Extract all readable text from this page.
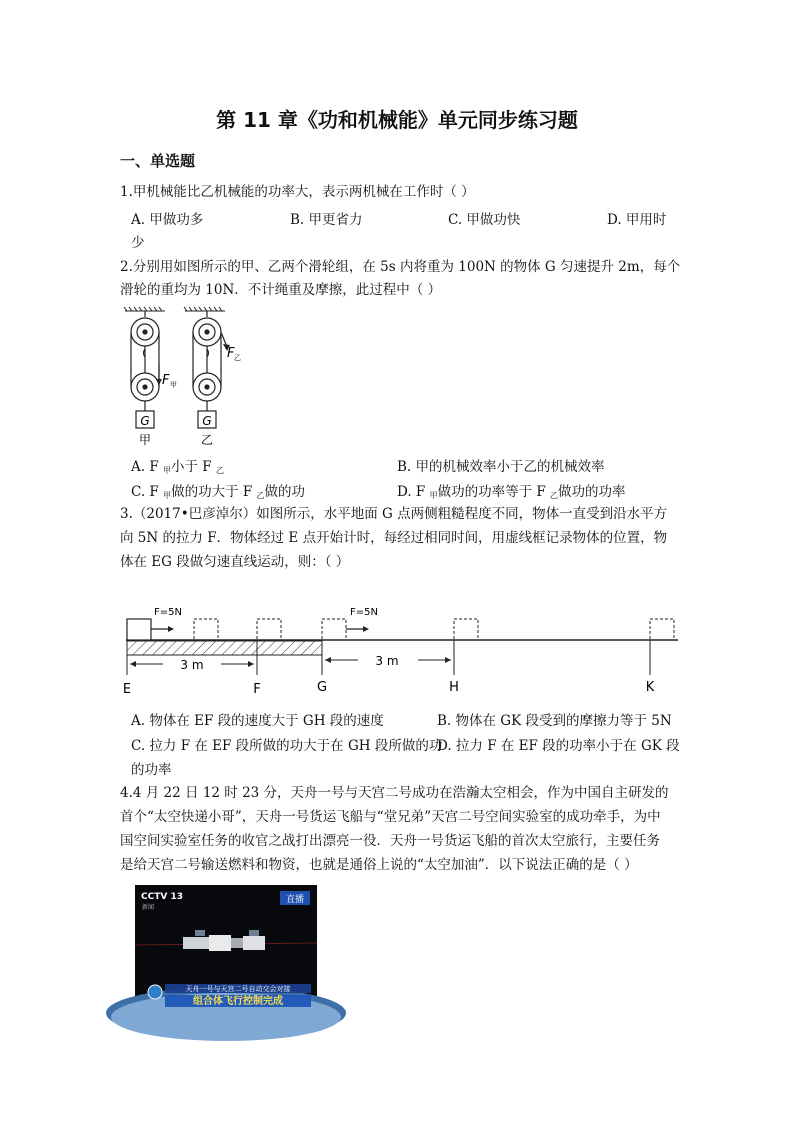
第 11 章《功和机械能》单元同步练习题
一、单选题
1.甲机械能比乙机械能的功率大，表示两机械在工作时（ ）
A. 甲做功多	B. 甲更省力	C. 甲做功快	D. 甲用时
少
2.分别用如图所示的甲、乙两个滑轮组，在 5s 内将重为 100N 的物体 G 匀速提升 2m，每个
滑轮的重均为 10N．不计绳重及摩擦，此过程中（ ）
G	G
F 甲
F 乙
甲	乙
A. F $_甲$小于 F $_乙$	B. 甲的机械效率小于乙的机械效率
C. F $_甲$做的功大于 F $_乙$做的功	D. F $_甲$做功的功率等于 F $_乙$做功的功率
3.（2017•巴彦淖尔）如图所示，水平地面 G 点两侧粗糙程度不同，物体一直受到沿水平方
向 5N 的拉力 F．物体经过 E 点开始计时，每经过相同时间，用虚线框记录物体的位置，物
体在 EG 段做匀速直线运动，则：（ ）
F=5N	F=5N
3 m	3 m
E	F	G	H	K
A. 物体在 EF 段的速度大于 GH 段的速度	B. 物体在 GK 段受到的摩擦力等于 5N
C. 拉力 F 在 EF 段所做的功大于在 GH 段所做的功
D. 拉力 F 在 EF 段的功率小于在 GK 段
的功率
4.4 月 22 日 12 时 23 分，天舟一号与天宫二号成功在浩瀚太空相会，作为中国自主研发的
首个“太空快递小哥”，天舟一号货运飞船与“堂兄弟”天宫二号空间实验室的成功牵手，为中
国空间实验室任务的收官之战打出漂亮一役．天舟一号货运飞船的首次太空旅行，主要任务
是给天宫二号输送燃料和物资，也就是通俗上说的“太空加油”．以下说法正确的是（ ）
CCTV 13
新闻
直播
天舟一号与天宫二号自动交会对接
组合体飞行控制完成
